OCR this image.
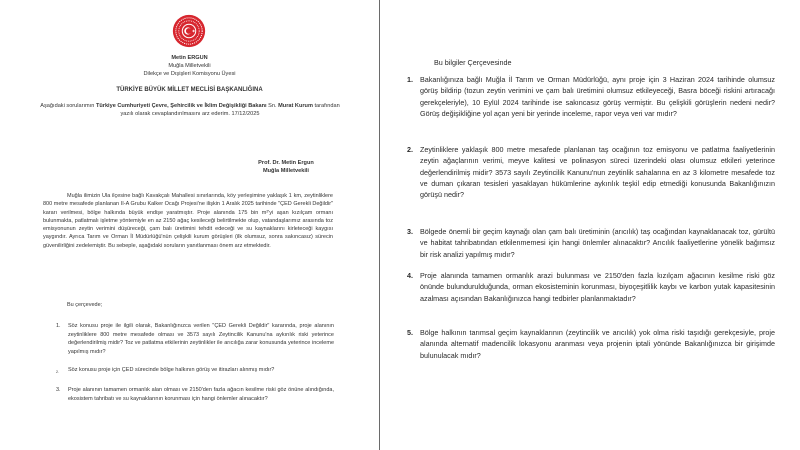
Metin ERGUN
Muğla Milletvekili
Dilekçe ve Dışişleri Komisyonu Üyesi
TÜRKİYE BÜYÜK MİLLET MECLİSİ BAŞKANLIĞINA
Aşağıdaki sorularımın Türkiye Cumhuriyeti Çevre, Şehircilik ve İklim Değişikliği Bakanı Sn. Murat Kurum tarafından yazılı olarak cevaplandırılmasını arz ederim. 17/12/2025
Prof. Dr. Metin Ergun
Muğla Milletvekili
Muğla ilimizin Ula ilçesine bağlı Kavakçalı Mahallesi sınırlarında, köy yerleşimine yaklaşık 1 km, zeytinliklere 800 metre mesafede planlanan II-A Grubu Kalker Ocağı Projesi'ne ilişkin 1 Aralık 2025 tarihinde "ÇED Gerekli Değildir" kararı verilmesi, bölge halkında büyük endişe yaratmıştır. Proje alanında 175 bin m²'yi aşan kızılçam ormanı bulunmakta, patlatmalı işletme yöntemiyle en az 2150 ağaç kesileceği belirtilmekte olup, vatandaşlarımız arasında toz emisyonunun zeytin verimini düşüreceği, çam balı üretimini tehdit edeceği ve su kaynaklarını kirleteceği kaygısı yaygındır. Ayrıca Tarım ve Orman İl Müdürlüğü'nün çelişkili kurum görüşleri (ilk olumsuz, sonra sakıncasız) sürecin güvenilirliğini zedelemiştir. Bu sebeple, aşağıdaki soruların yanıtlanması önem arz etmektedir.
Bu çerçevede;
1.	Söz konusu proje ile ilgili olarak, Bakanlığınızca verilen "ÇED Gerekli Değildir" kararında, proje alanının zeytinliklere 800 metre mesafede olması ve 3573 sayılı Zeytincilik Kanunu'na aykırılık riski yeterince değerlendirilmiş midir? Toz ve patlatma etkilerinin zeytinlikler ile arıcılığa zarar konusunda yeterince inceleme yapılmış mıdır?
2.	Söz konusu proje için ÇED sürecinde bölge halkının görüş ve itirazları alınmış mıdır?
3.	Proje alanının tamamen ormanlık alan olması ve 2150'den fazla ağacın kesilme riski göz önüne alındığında, ekosistem tahribatı ve su kaynaklarının korunması için hangi önlemler alınacaktır?
Bu bilgiler Çerçevesinde
1. Bakanlığınıza bağlı Muğla İl Tarım ve Orman Müdürlüğü, aynı proje için 3 Haziran 2024 tarihinde olumsuz görüş bildirip (tozun zeytin verimini ve çam balı üretimini olumsuz etkileyeceği, Basra böceği riskini artıracağı gerekçeleriyle), 10 Eylül 2024 tarihinde ise sakıncasız görüş vermiştir. Bu çelişkili görüşlerin nedeni nedir? Görüş değişikliğine yol açan yeni bir yerinde inceleme, rapor veya veri var mıdır?
2. Zeytinliklere yaklaşık 800 metre mesafede planlanan taş ocağının toz emisyonu ve patlatma faaliyetlerinin zeytin ağaçlarının verimi, meyve kalitesi ve polinasyon süreci üzerindeki olası olumsuz etkileri yeterince değerlendirilmiş midir? 3573 sayılı Zeytincilik Kanunu'nun zeytinlik sahalarına en az 3 kilometre mesafede toz ve duman çıkaran tesisleri yasaklayan hükümlerine aykırılık teşkil edip etmediği konusunda Bakanlığınızın görüşü nedir?
3. Bölgede önemli bir geçim kaynağı olan çam balı üretiminin (arıcılık) taş ocağından kaynaklanacak toz, gürültü ve habitat tahribatından etkilenmemesi için hangi önlemler alınacaktır? Arıcılık faaliyetlerine yönelik bağımsız bir risk analizi yapılmış mıdır?
4. Proje alanında tamamen ormanlık arazi bulunması ve 2150'den fazla kızılçam ağacının kesilme riski göz önünde bulundurulduğunda, orman ekosisteminin korunması, biyoçeşitlilik kaybı ve karbon yutak kapasitesinin azalması açısından Bakanlığınızca hangi tedbirler planlanmaktadır?
5. Bölge halkının tarımsal geçim kaynaklarının (zeytincilik ve arıcılık) yok olma riski taşıdığı gerekçesiyle, proje alanında alternatif madencilik lokasyonu aranması veya projenin iptali yönünde Bakanlığınızca bir girişimde bulunulacak mıdır?
